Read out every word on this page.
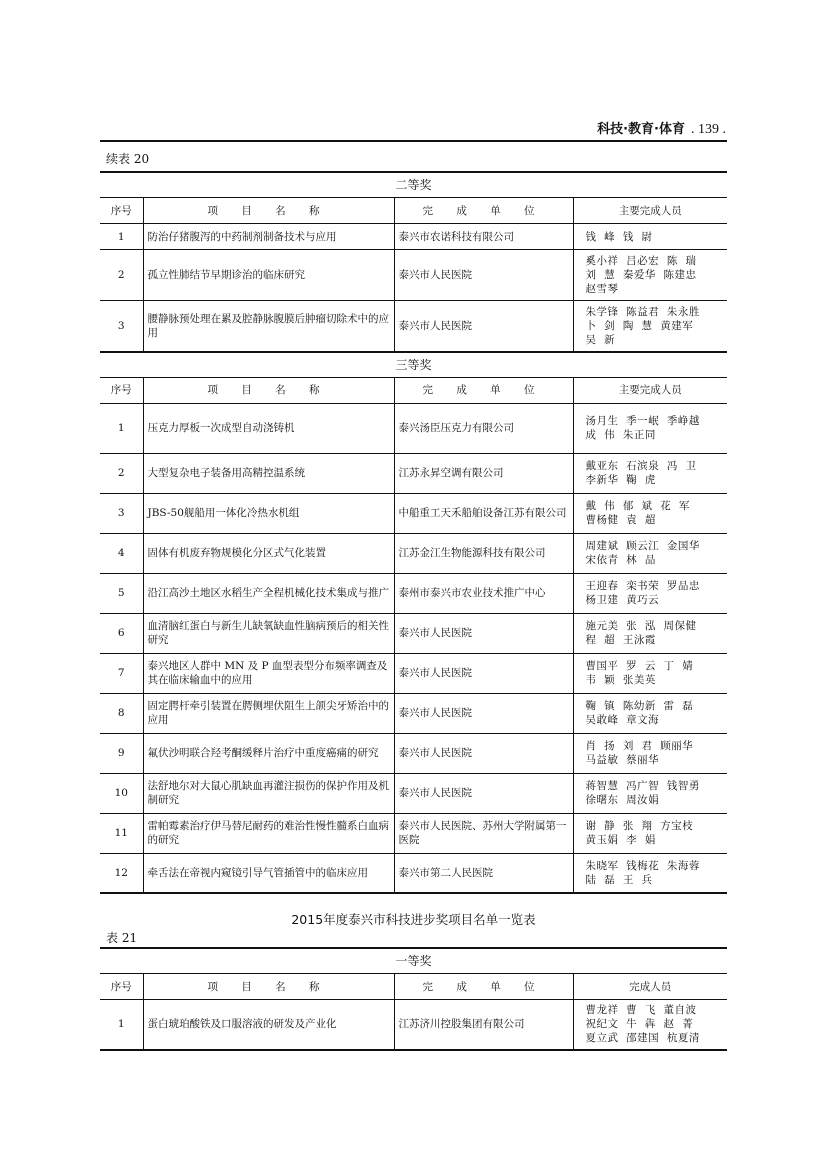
科技·教育·体育 . 139 .
续表 20
二等奖			
序号	项 目 名 称	完 成 单 位	主要完成人员
1	防治仔猪腹泻的中药制剂制备技术与应用	泰兴市农诺科技有限公司	钱  峰  钱  尉

2	孤立性肺结节早期诊治的临床研究	泰兴市人民医院	奚小祥  吕必宏  陈  瑞
刘  慧  秦爱华  陈建忠
赵雪琴

3	腰静脉预处理在累及腔静脉腹膜后肿瘤切除术中的应用	泰兴市人民医院	朱学锋  陈益君  朱永胜
卜  剑  陶  慧  黄建军
吴  新

三等奖			
序号	项 目 名 称	完 成 单 位	主要完成人员
1	压克力厚板一次成型自动浇铸机	泰兴汤臣压克力有限公司	汤月生  季一岷  季峥越
成  伟  朱正同

2	大型复杂电子装备用高精控温系统	江苏永昇空调有限公司	戴亚东  石滨泉  冯  卫
李新华  鞠  虎

3	JBS-50舰船用一体化冷热水机组	中船重工天禾船舶设备江苏有限公司	戴  伟  郁  斌  花  军
曹杨健  袁  超

4	固体有机废弃物规模化分区式气化装置	江苏金江生物能源科技有限公司	周建斌  顾云江  金国华
宋依青  林  品

5	沿江高沙土地区水稻生产全程机械化技术集成与推广	泰州市泰兴市农业技术推广中心	王迎春  栾书荣  罗品忠
杨卫建  黄巧云

6	血清脑红蛋白与新生儿缺氧缺血性脑病预后的相关性研究	泰兴市人民医院	施元美  张  泓  周保健
程  超  王泳霞

7	泰兴地区人群中 MN 及 P 血型表型分布频率调查及其在临床输血中的应用	泰兴市人民医院	曹国平  罗  云  丁  婧
韦  颖  张美英

8	固定腭杆牵引装置在腭侧埋伏阻生上颌尖牙矫治中的应用	泰兴市人民医院	鞠  镇  陈幼新  雷  磊
吴敢峰  章文海

9	氟伏沙明联合羟考酮缓释片治疗中重度癌痛的研究	泰兴市人民医院	肖  扬  刘  君  顾丽华
马益敏  蔡丽华

10	法舒地尔对大鼠心肌缺血再灌注损伤的保护作用及机制研究	泰兴市人民医院	蒋智慧  冯广智  钱智勇
徐曙东  周汝娟

11	雷帕霉素治疗伊马替尼耐药的难治性慢性髓系白血病的研究	泰兴市人民医院、苏州大学附属第一医院	谢  静  张  翔  方宝枝
黄玉娟  李  娟

12	牵舌法在帝视内窥镜引导气管插管中的临床应用	泰兴市第二人民医院	朱晓军  钱梅花  朱海蓉
陆  磊  王  兵
2015年度泰兴市科技进步奖项目名单一览表
表 21
一等奖			
序号	项 目 名 称	完 成 单 位	完成人员
1	蛋白琥珀酸铁及口服溶液的研发及产业化	江苏济川控股集团有限公司	曹龙祥  曹  飞  董自波
祝纪文  牛  犇  赵  菁
夏立武  邵建国  杭夏清
